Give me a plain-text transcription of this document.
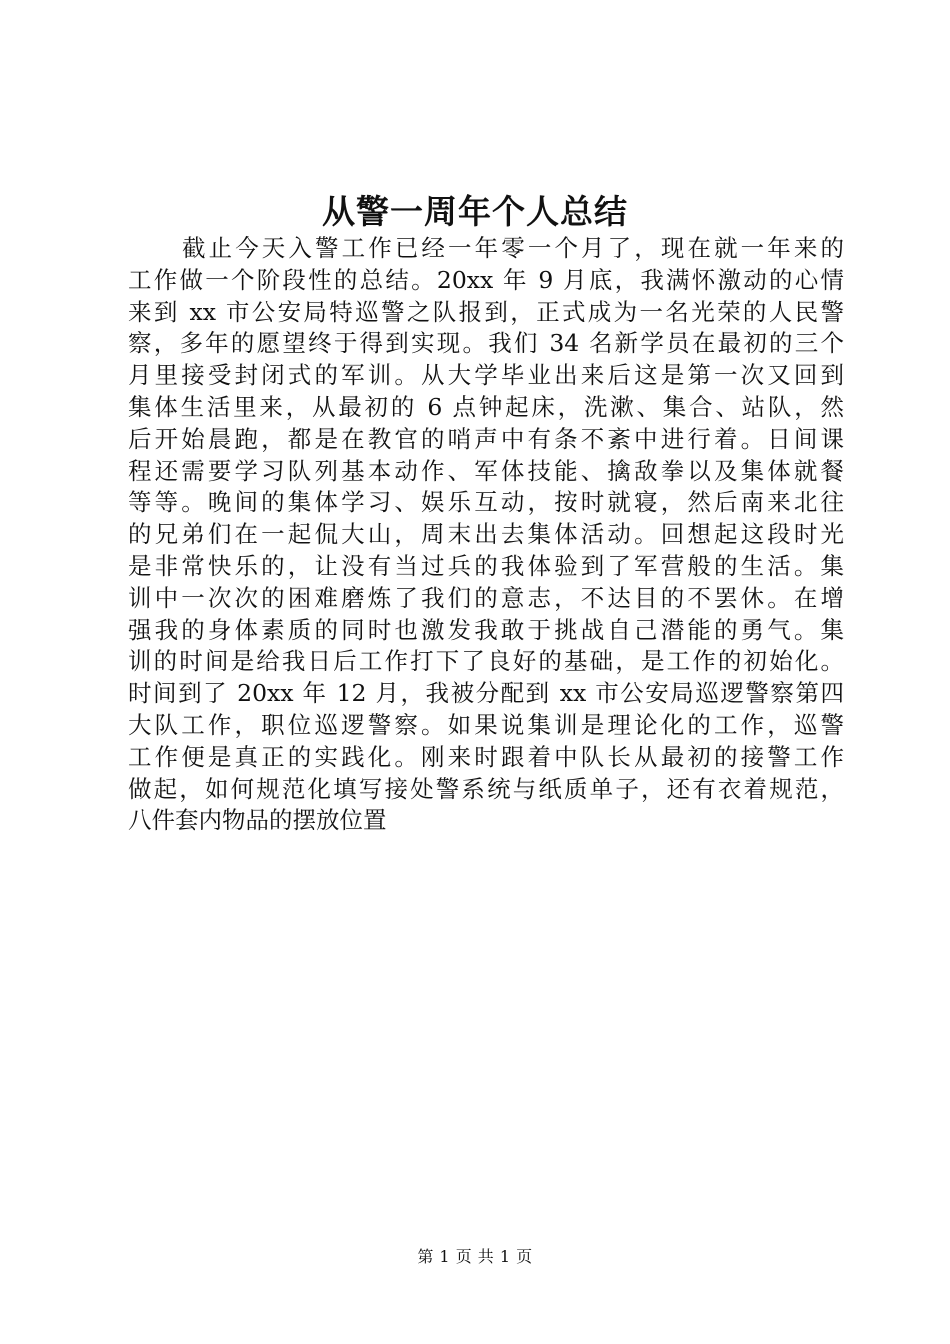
从警一周年个人总结
截止今天入警工作已经一年零一个月了，现在就一年来的
工作做一个阶段性的总结。20xx 年 9 月底，我满怀激动的心情
来到 xx 市公安局特巡警之队报到，正式成为一名光荣的人民警
察，多年的愿望终于得到实现。我们 34 名新学员在最初的三个
月里接受封闭式的军训。从大学毕业出来后这是第一次又回到
集体生活里来，从最初的 6 点钟起床，洗漱、集合、站队，然
后开始晨跑，都是在教官的哨声中有条不紊中进行着。日间课
程还需要学习队列基本动作、军体技能、擒敌拳以及集体就餐
等等。晚间的集体学习、娱乐互动，按时就寝，然后南来北往
的兄弟们在一起侃大山，周末出去集体活动。回想起这段时光
是非常快乐的，让没有当过兵的我体验到了军营般的生活。集
训中一次次的困难磨炼了我们的意志，不达目的不罢休。在增
强我的身体素质的同时也激发我敢于挑战自己潜能的勇气。集
训的时间是给我日后工作打下了良好的基础，是工作的初始化。
时间到了 20xx 年 12 月，我被分配到 xx 市公安局巡逻警察第四
大队工作，职位巡逻警察。如果说集训是理论化的工作，巡警
工作便是真正的实践化。刚来时跟着中队长从最初的接警工作
做起，如何规范化填写接处警系统与纸质单子，还有衣着规范，
八件套内物品的摆放位置
第 1 页 共 1 页
